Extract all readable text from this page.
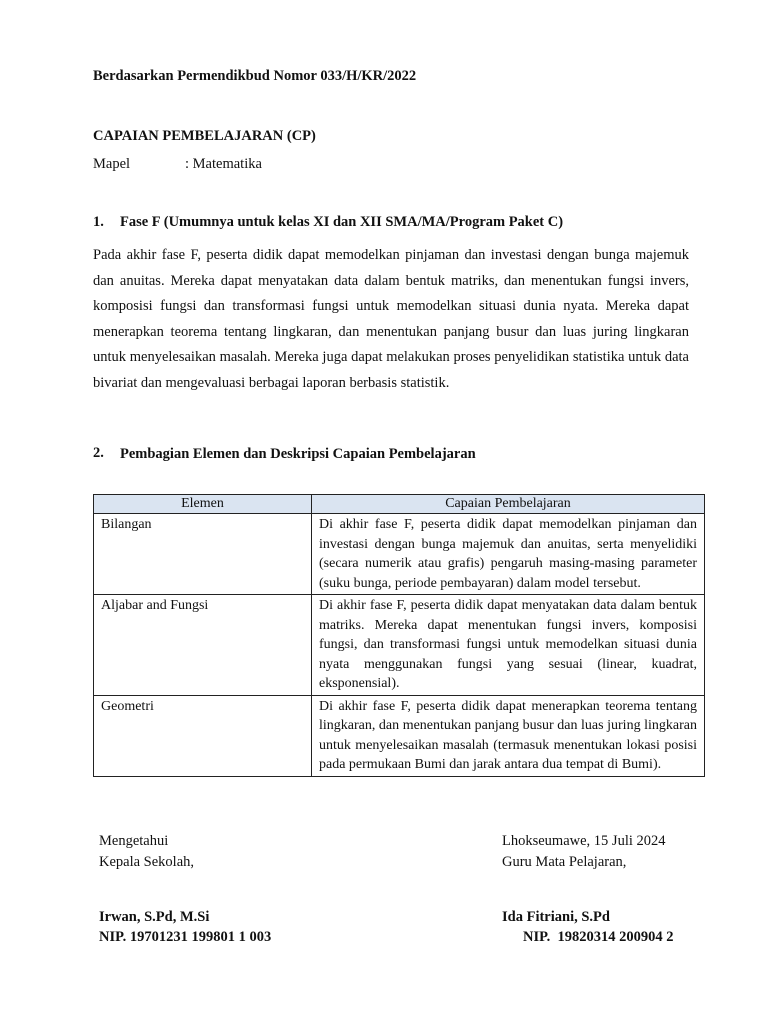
Berdasarkan Permendikbud Nomor 033/H/KR/2022
CAPAIAN PEMBELAJARAN (CP)
Mapel	: Matematika
1. Fase F (Umumnya untuk kelas XI dan XII SMA/MA/Program Paket C)

Pada akhir fase F, peserta didik dapat memodelkan pinjaman dan investasi dengan bunga majemuk dan anuitas. Mereka dapat menyatakan data dalam bentuk matriks, dan menentukan fungsi invers, komposisi fungsi dan transformasi fungsi untuk memodelkan situasi dunia nyata. Mereka dapat menerapkan teorema tentang lingkaran, dan menentukan panjang busur dan luas juring lingkaran untuk menyelesaikan masalah. Mereka juga dapat melakukan proses penyelidikan statistika untuk data bivariat dan mengevaluasi berbagai laporan berbasis statistik.

2. Pembagian Elemen dan Deskripsi Capaian Pembelajaran
Elemen	Capaian Pembelajaran
Bilangan	Di akhir fase F, peserta didik dapat memodelkan pinjaman dan investasi dengan bunga majemuk dan anuitas, serta menyelidiki (secara numerik atau grafis) pengaruh masing-masing parameter (suku bunga, periode pembayaran) dalam model tersebut.
Aljabar and Fungsi	Di akhir fase F, peserta didik dapat menyatakan data dalam bentuk matriks. Mereka dapat menentukan fungsi invers, komposisi fungsi, dan transformasi fungsi untuk memodelkan situasi dunia nyata menggunakan fungsi yang sesuai (linear, kuadrat, eksponensial).
Geometri	Di akhir fase F, peserta didik dapat menerapkan teorema tentang lingkaran, dan menentukan panjang busur dan luas juring lingkaran untuk menyelesaikan masalah (termasuk menentukan lokasi posisi pada permukaan Bumi dan jarak antara dua tempat di Bumi).
Mengetahui
Kepala Sekolah,
Irwan, S.Pd, M.Si
NIP. 19701231 199801 1 003
Lhokseumawe, 15 Juli 2024
Guru Mata Pelajaran,
Ida Fitriani, S.Pd
NIP.  19820314 200904 2
